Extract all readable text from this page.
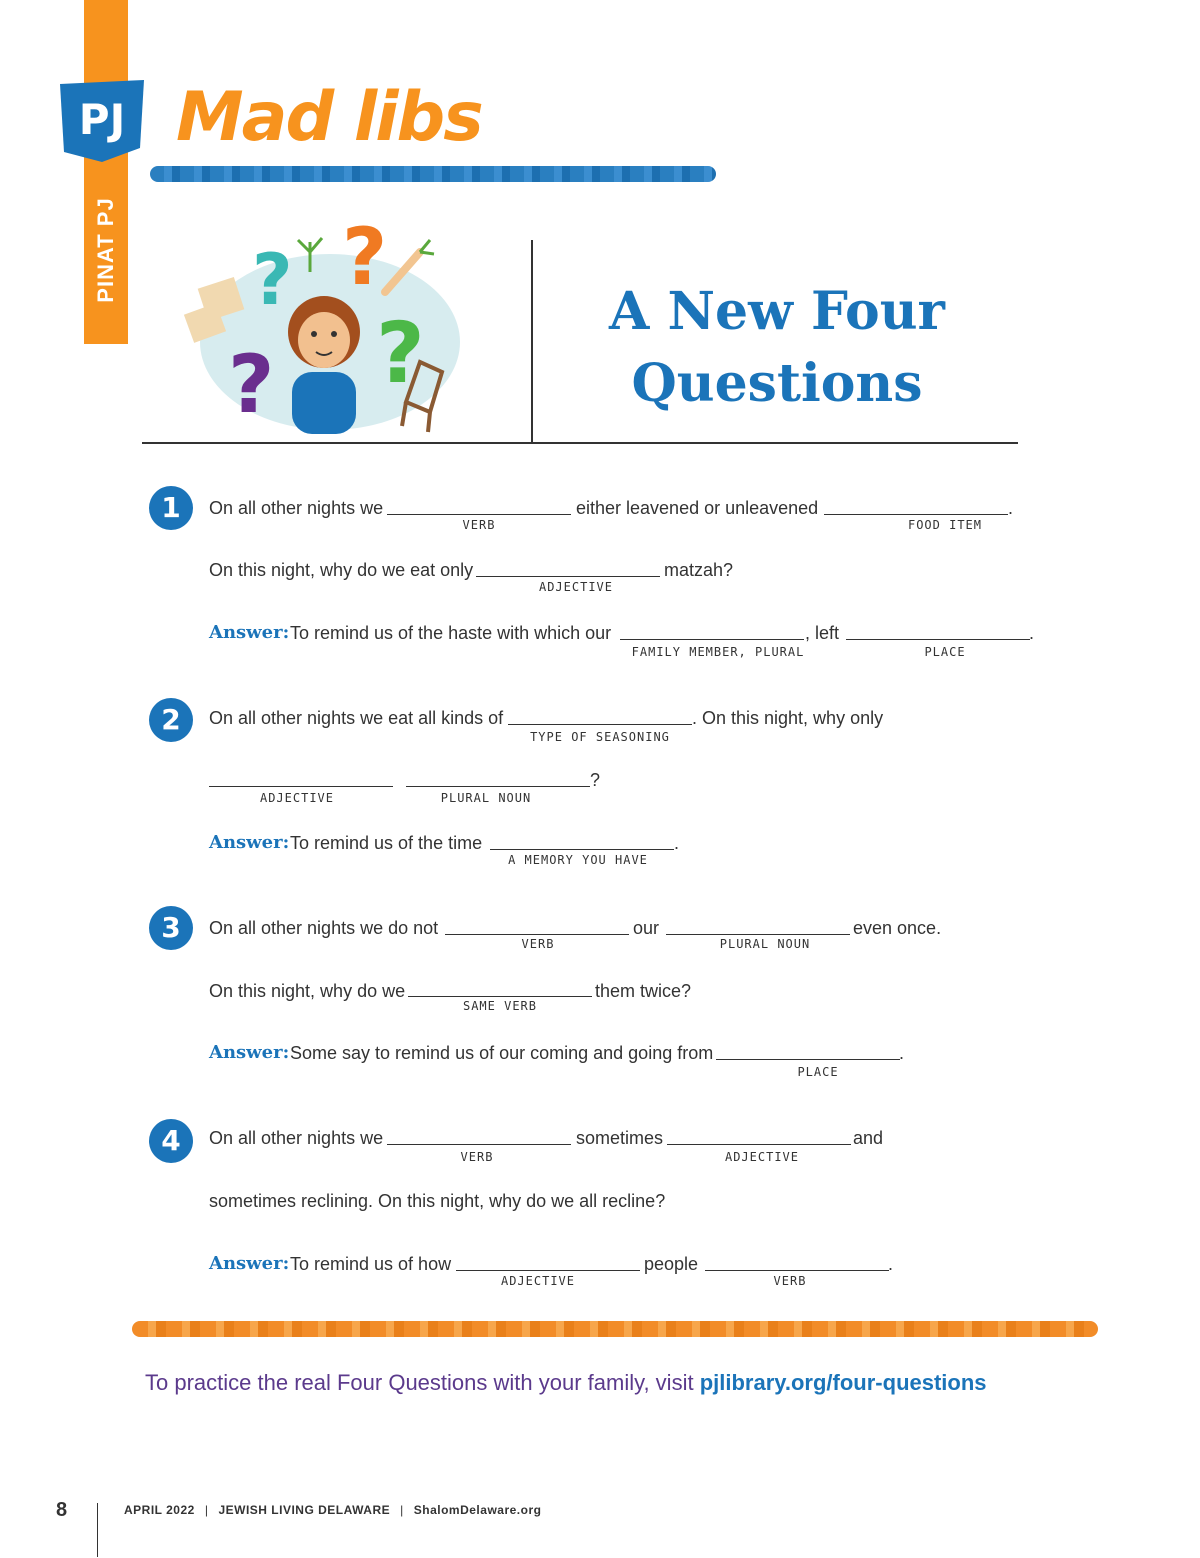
PINAT PJ
PJ Mad libs
? ?
? ?	A New Four
Questions
1	On all other nights we
VERB
either leavened or unleavened
FOOD ITEM
.
On this night, why do we eat only
ADJECTIVE
matzah?
Answer: To remind us of the haste with which our
FAMILY MEMBER, PLURAL
, left
PLACE
.
2	On all other nights we eat all kinds of
TYPE OF SEASONING
. On this night, why only
ADJECTIVE	PLURAL NOUN
?
Answer: To remind us of the time
A MEMORY YOU HAVE
.
3	On all other nights we do not
VERB
our
PLURAL NOUN
even once.
On this night, why do we
SAME VERB
them twice?
Answer: Some say to remind us of our coming and going from
PLACE
.
4	On all other nights we
VERB
sometimes
ADJECTIVE
and
sometimes reclining. On this night, why do we all recline?
Answer: To remind us of how
ADJECTIVE
people
VERB
.
To practice the real Four Questions with your family, visit pjlibrary.org/four-questions
8	APRIL 2022 | JEWISH LIVING DELAWARE | ShalomDelaware.org
